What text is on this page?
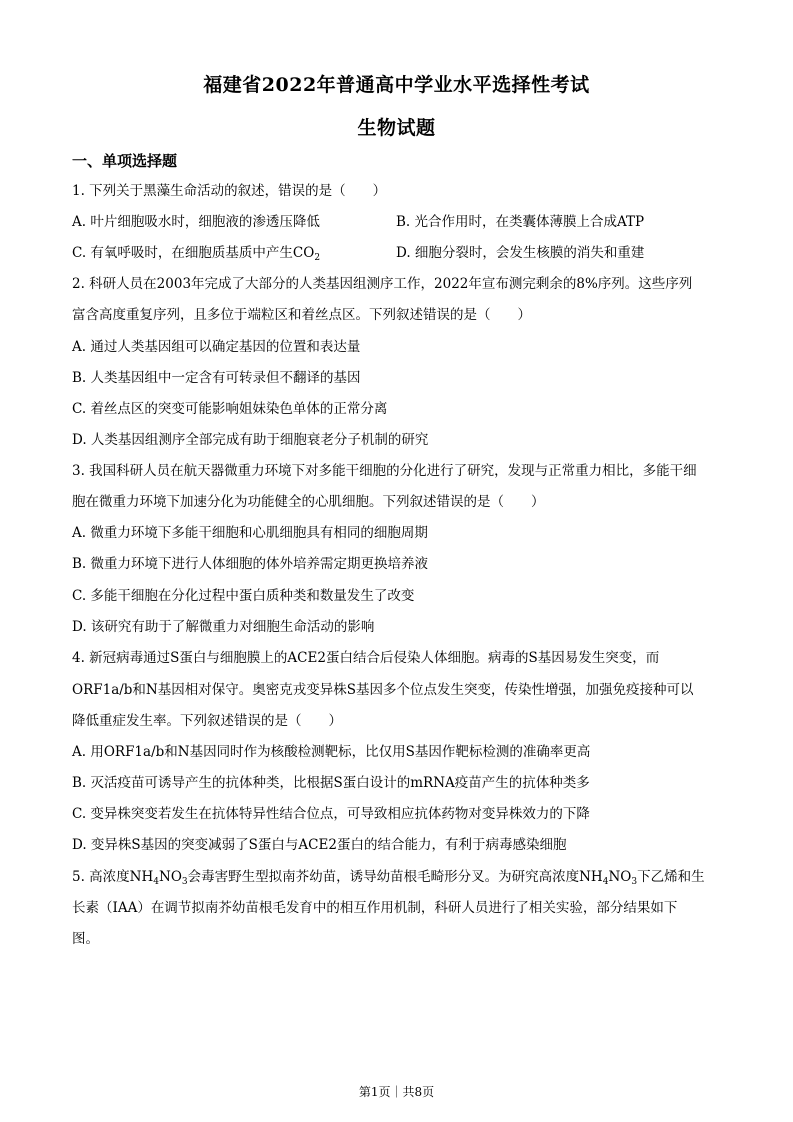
福建省2022年普通高中学业水平选择性考试
生物试题
一、单项选择题
1. 下列关于黑藻生命活动的叙述，错误的是（　　）
A. 叶片细胞吸水时，细胞液的渗透压降低	B. 光合作用时，在类囊体薄膜上合成ATP
C. 有氧呼吸时，在细胞质基质中产生$CO_2$	D. 细胞分裂时，会发生核膜的消失和重建
2. 科研人员在2003年完成了大部分的人类基因组测序工作，2022年宣布测完剩余的8%序列。这些序列
富含高度重复序列，且多位于端粒区和着丝点区。下列叙述错误的是（　　）
A. 通过人类基因组可以确定基因的位置和表达量
B. 人类基因组中一定含有可转录但不翻译的基因
C. 着丝点区的突变可能影响姐妹染色单体的正常分离
D. 人类基因组测序全部完成有助于细胞衰老分子机制的研究
3. 我国科研人员在航天器微重力环境下对多能干细胞的分化进行了研究，发现与正常重力相比，多能干细
胞在微重力环境下加速分化为功能健全的心肌细胞。下列叙述错误的是（　　）
A. 微重力环境下多能干细胞和心肌细胞具有相同的细胞周期
B. 微重力环境下进行人体细胞的体外培养需定期更换培养液
C. 多能干细胞在分化过程中蛋白质种类和数量发生了改变
D. 该研究有助于了解微重力对细胞生命活动的影响
4. 新冠病毒通过S蛋白与细胞膜上的ACE2蛋白结合后侵染人体细胞。病毒的S基因易发生突变，而
ORF1a/b和N基因相对保守。奥密克戎变异株S基因多个位点发生突变，传染性增强，加强免疫接种可以
降低重症发生率。下列叙述错误的是（　　）
A. 用ORF1a/b和N基因同时作为核酸检测靶标，比仅用S基因作靶标检测的准确率更高
B. 灭活疫苗可诱导产生的抗体种类，比根据S蛋白设计的mRNA疫苗产生的抗体种类多
C. 变异株突变若发生在抗体特异性结合位点，可导致相应抗体药物对变异株效力的下降
D. 变异株S基因的突变减弱了S蛋白与ACE2蛋白的结合能力，有利于病毒感染细胞
5. 高浓度$NH_4NO_3$会毒害野生型拟南芥幼苗，诱导幼苗根毛畸形分叉。为研究高浓度$NH_4NO_3$下乙烯和生
长素（IAA）在调节拟南芥幼苗根毛发育中的相互作用机制，科研人员进行了相关实验，部分结果如下
图。
第1页｜共8页
